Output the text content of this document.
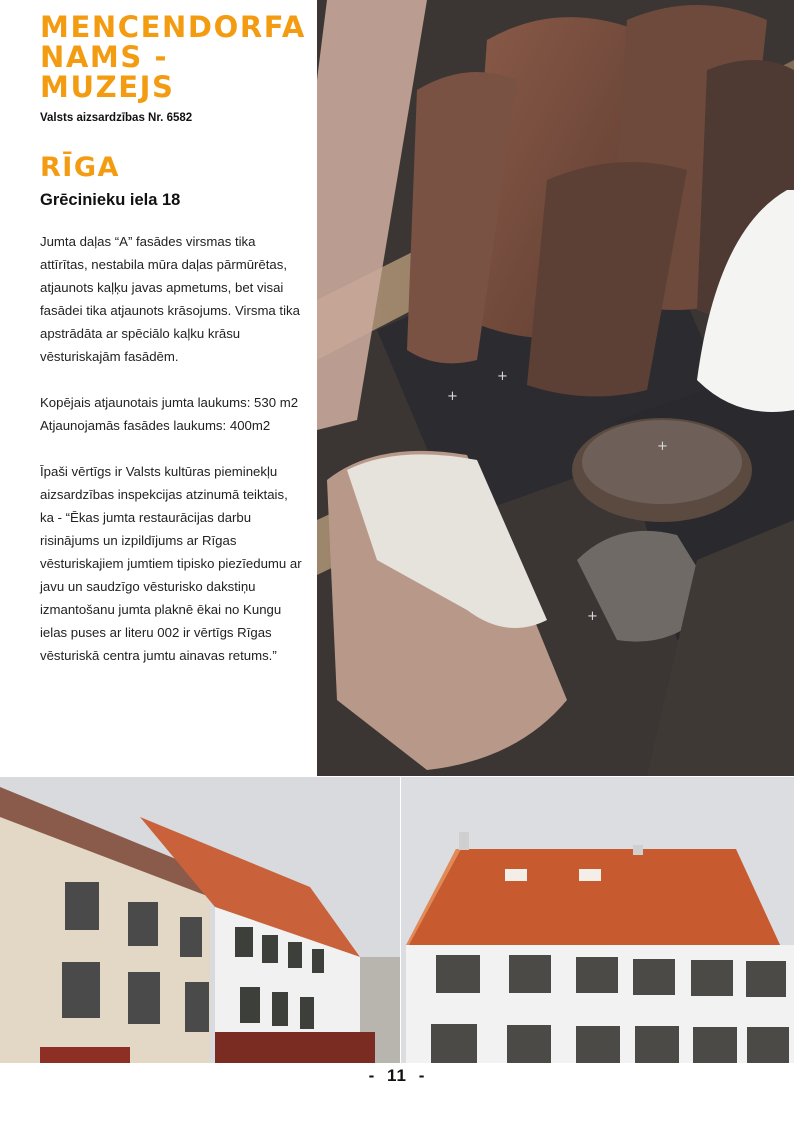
MENCENDORFA
NAMS - MUZEJS
Valsts aizsardzības Nr. 6582
RĪGA
Grēcinieku iela 18

Jumta daļas “A” fasādes virsmas tika attīrītas, nestabila mūra daļas pārmūrētas, atjaunots kaļķu javas apmetums, bet visai fasādei tika atjaunots krāsojums. Virsma tika apstrādāta ar spēciālo kaļku krāsu vēsturiskajām fasādēm.

Kopējais atjaunotais jumta laukums: 530 m2

Atjaunojamās fasādes laukums: 400m2

Īpaši vērtīgs ir Valsts kultūras pieminekļu aizsardzības inspekcijas atzinumā teiktais, ka - “Ēkas jumta restaurācijas darbu risinājums un izpildījums ar Rīgas vēsturiskajiem jumtiem tipisko piezīedumu ar javu un saudzīgo vēsturisko dakstiņu izmantošanu jumta plaknē ēkai no Kungu ielas puses ar literu 002 ir vērtīgs Rīgas vēsturiskā centra jumtu ainavas retums.”

+
+
+
+
- 11 -
